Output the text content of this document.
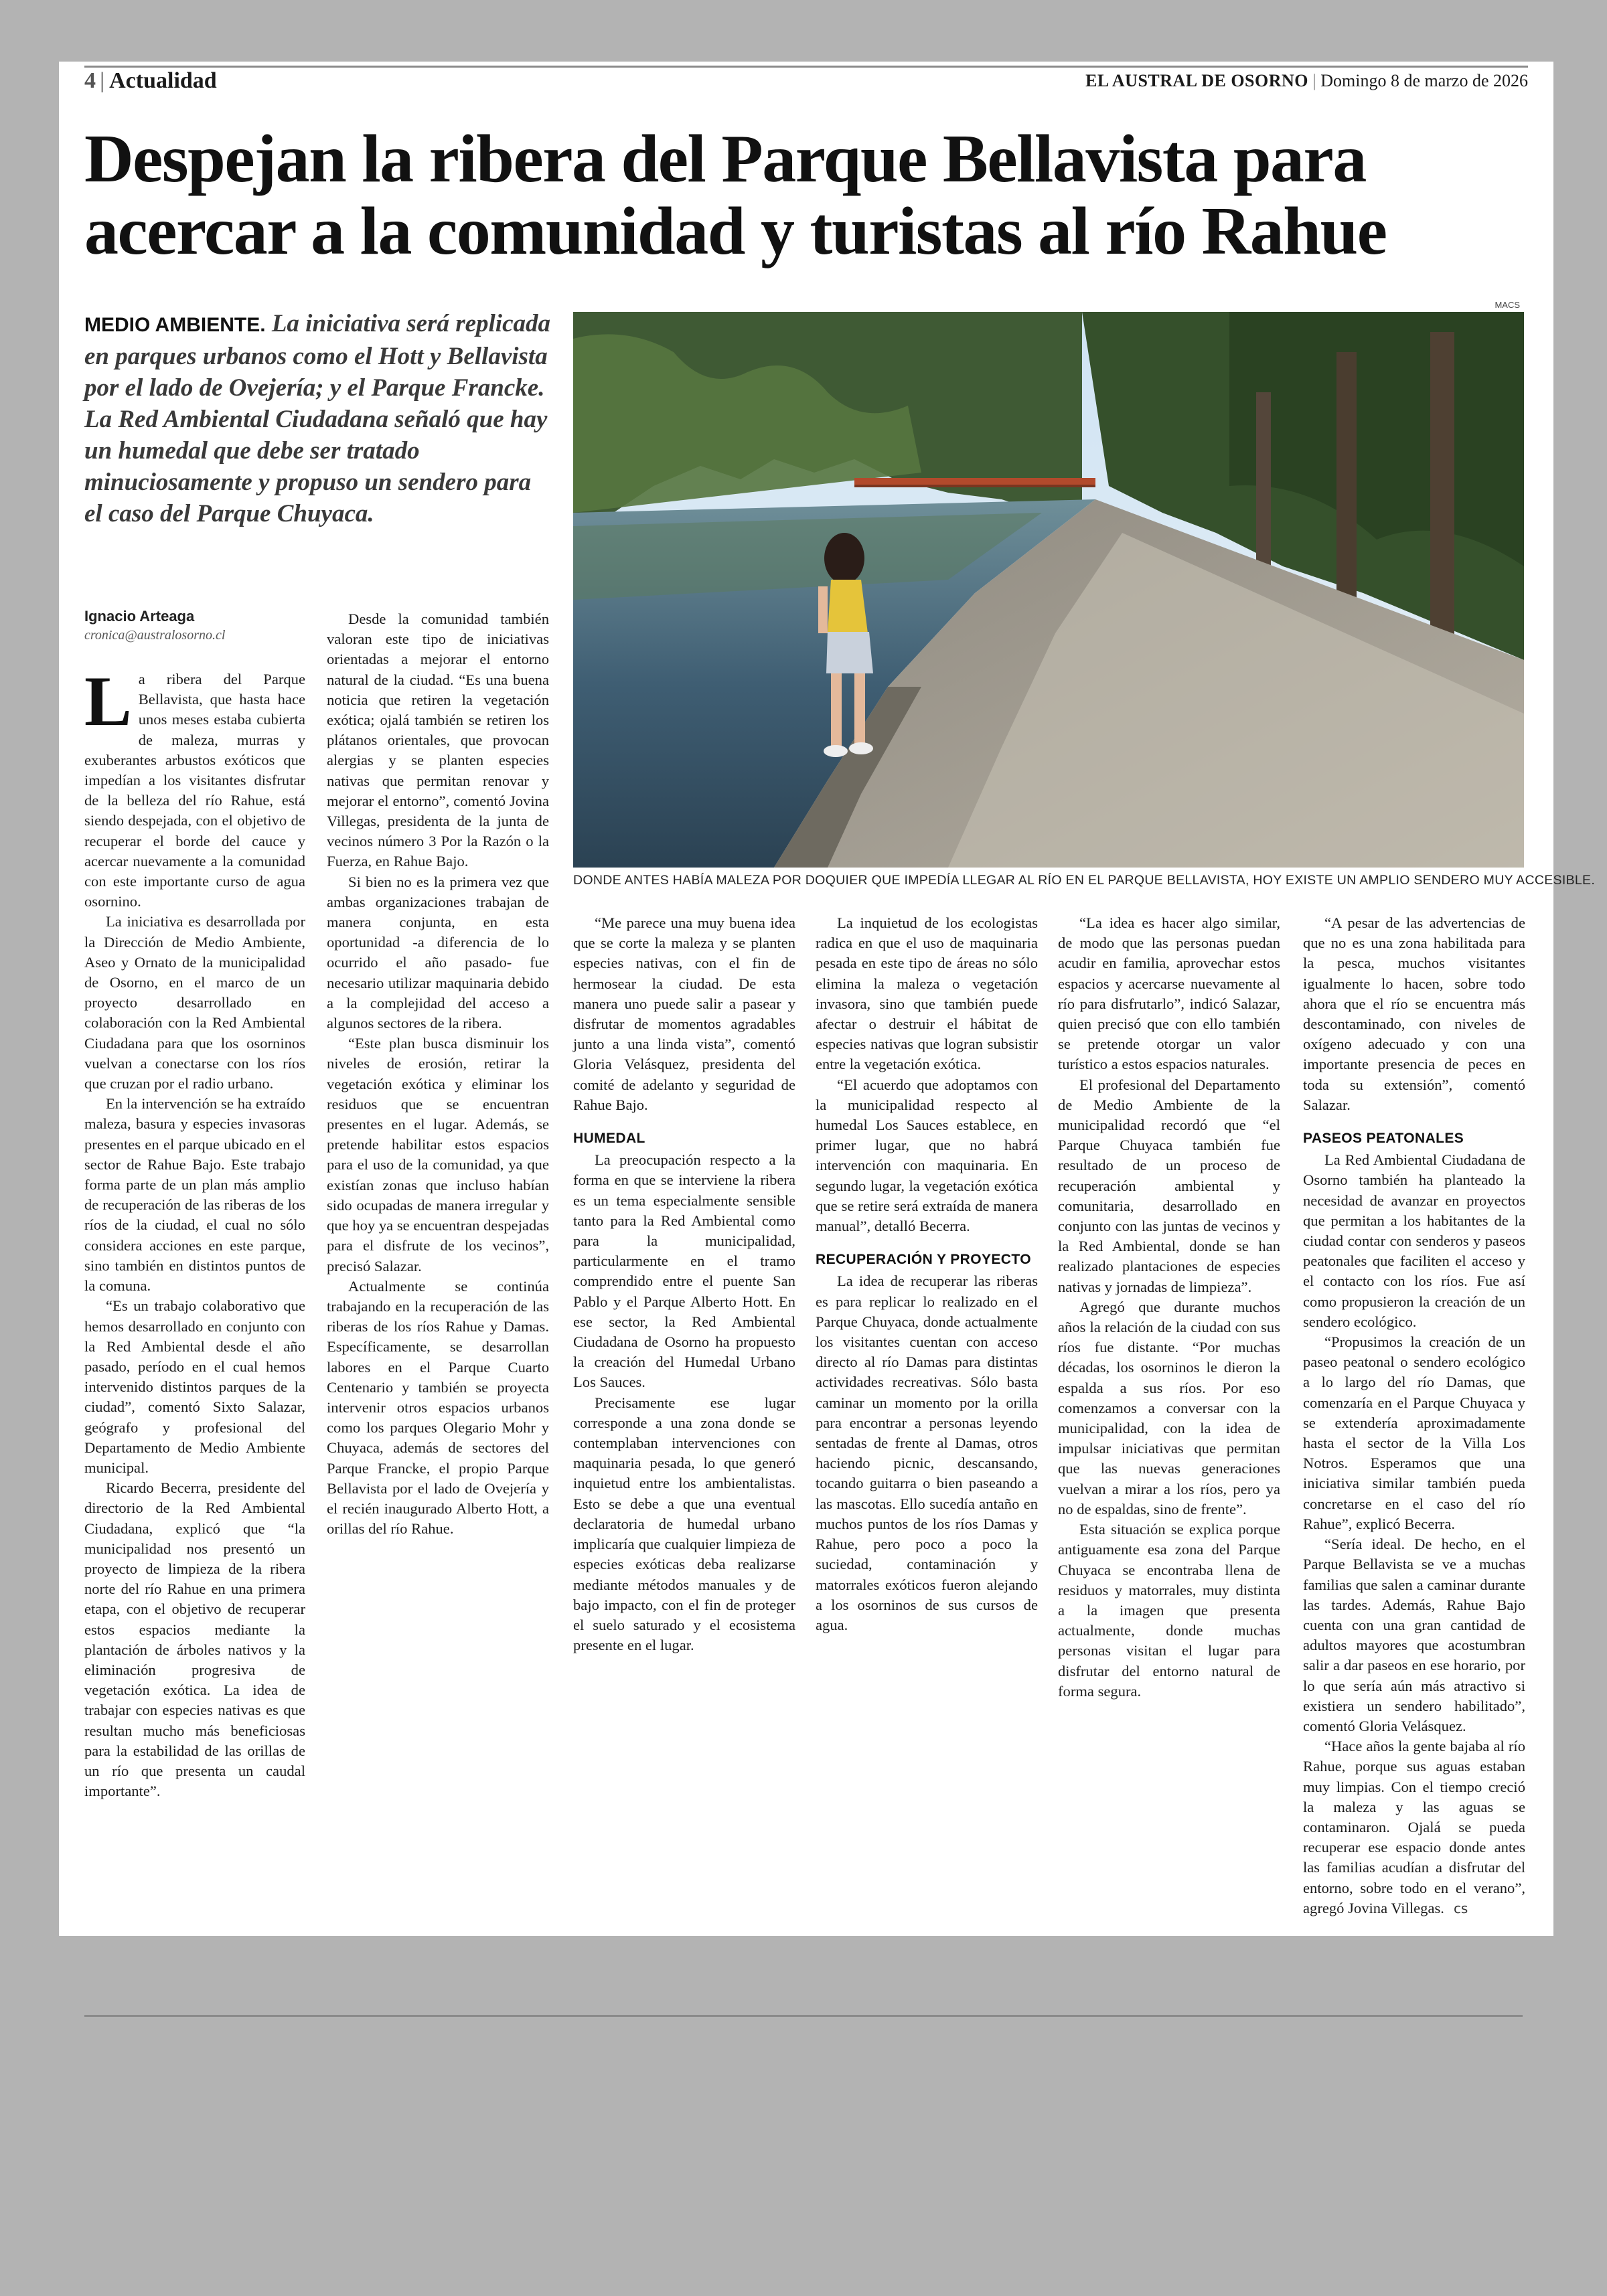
4 | Actualidad	EL AUSTRAL DE OSORNO | Domingo 8 de marzo de 2026
Despejan la ribera del Parque Bellavista para acercar a la comunidad y turistas al río Rahue

MEDIO AMBIENTE. La iniciativa será replicada en parques urbanos como el Hott y Bellavista por el lado de Ovejería; y el Parque Francke. La Red Ambiental Ciudadana señaló que hay un humedal que debe ser tratado minuciosamente y propuso un sendero para el caso del Parque Chuyaca.

MACS
DONDE ANTES HABÍA MALEZA POR DOQUIER QUE IMPEDÍA LLEGAR AL RÍO EN EL PARQUE BELLAVISTA, HOY EXISTE UN AMPLIO SENDERO MUY ACCESIBLE.
Ignacio Arteaga
cronica@australosorno.cl

La ribera del Parque Bellavista, que hasta hace unos meses estaba cubierta de maleza, murras y exuberantes arbustos exóticos que impedían a los visitantes disfrutar de la belleza del río Rahue, está siendo despejada, con el objetivo de recuperar el borde del cauce y acercar nuevamente a la comunidad con este importante curso de agua osornino.

La iniciativa es desarrollada por la Dirección de Medio Ambiente, Aseo y Ornato de la municipalidad de Osorno, en el marco de un proyecto desarrollado en colaboración con la Red Ambiental Ciudadana para que los osorninos vuelvan a conectarse con los ríos que cruzan por el radio urbano.

En la intervención se ha extraído maleza, basura y especies invasoras presentes en el parque ubicado en el sector de Rahue Bajo. Este trabajo forma parte de un plan más amplio de recuperación de las riberas de los ríos de la ciudad, el cual no sólo considera acciones en este parque, sino también en distintos puntos de la comuna.

“Es un trabajo colaborativo que hemos desarrollado en conjunto con la Red Ambiental desde el año pasado, período en el cual hemos intervenido distintos parques de la ciudad”, comentó Sixto Salazar, geógrafo y profesional del Departamento de Medio Ambiente municipal.

Ricardo Becerra, presidente del directorio de la Red Ambiental Ciudadana, explicó que “la municipalidad nos presentó un proyecto de limpieza de la ribera norte del río Rahue en una primera etapa, con el objetivo de recuperar estos espacios mediante la plantación de árboles nativos y la eliminación progresiva de vegetación exótica. La idea de trabajar con especies nativas es que resultan mucho más beneficiosas para la estabilidad de las orillas de un río que presenta un caudal importante”.

Desde la comunidad también valoran este tipo de iniciativas orientadas a mejorar el entorno natural de la ciudad. “Es una buena noticia que retiren la vegetación exótica; ojalá también se retiren los plátanos orientales, que provocan alergias y se planten especies nativas que permitan renovar y mejorar el entorno”, comentó Jovina Villegas, presidenta de la junta de vecinos número 3 Por la Razón o la Fuerza, en Rahue Bajo.

Si bien no es la primera vez que ambas organizaciones trabajan de manera conjunta, en esta oportunidad -a diferencia de lo ocurrido el año pasado- fue necesario utilizar maquinaria debido a la complejidad del acceso a algunos sectores de la ribera.

“Este plan busca disminuir los niveles de erosión, retirar la vegetación exótica y eliminar los residuos que se encuentran presentes en el lugar. Además, se pretende habilitar estos espacios para el uso de la comunidad, ya que existían zonas que incluso habían sido ocupadas de manera irregular y que hoy ya se encuentran despejadas para el disfrute de los vecinos”, precisó Salazar.

Actualmente se continúa trabajando en la recuperación de las riberas de los ríos Rahue y Damas. Específicamente, se desarrollan labores en el Parque Cuarto Centenario y también se proyecta intervenir otros espacios urbanos como los parques Olegario Mohr y Chuyaca, además de sectores del Parque Francke, el propio Parque Bellavista por el lado de Ovejería y el recién inaugurado Alberto Hott, a orillas del río Rahue.

“Me parece una muy buena idea que se corte la maleza y se planten especies nativas, con el fin de hermosear la ciudad. De esta manera uno puede salir a pasear y disfrutar de momentos agradables junto a una linda vista”, comentó Gloria Velásquez, presidenta del comité de adelanto y seguridad de Rahue Bajo.

HUMEDAL

La preocupación respecto a la forma en que se interviene la ribera es un tema especialmente sensible tanto para la Red Ambiental como para la municipalidad, particularmente en el tramo comprendido entre el puente San Pablo y el Parque Alberto Hott. En ese sector, la Red Ambiental Ciudadana de Osorno ha propuesto la creación del Humedal Urbano Los Sauces.

Precisamente ese lugar corresponde a una zona donde se contemplaban intervenciones con maquinaria pesada, lo que generó inquietud entre los ambientalistas. Esto se debe a que una eventual declaratoria de humedal urbano implicaría que cualquier limpieza de especies exóticas deba realizarse mediante métodos manuales y de bajo impacto, con el fin de proteger el suelo saturado y el ecosistema presente en el lugar.

La inquietud de los ecologistas radica en que el uso de maquinaria pesada en este tipo de áreas no sólo elimina la maleza o vegetación invasora, sino que también puede afectar o destruir el hábitat de especies nativas que logran subsistir entre la vegetación exótica.

“El acuerdo que adoptamos con la municipalidad respecto al humedal Los Sauces establece, en primer lugar, que no habrá intervención con maquinaria. En segundo lugar, la vegetación exótica que se retire será extraída de manera manual”, detalló Becerra.

RECUPERACIÓN Y PROYECTO

La idea de recuperar las riberas es para replicar lo realizado en el Parque Chuyaca, donde actualmente los visitantes cuentan con acceso directo al río Damas para distintas actividades recreativas. Sólo basta caminar un momento por la orilla para encontrar a personas leyendo sentadas de frente al Damas, otros haciendo picnic, descansando, tocando guitarra o bien paseando a las mascotas. Ello sucedía antaño en muchos puntos de los ríos Damas y Rahue, pero poco a poco la suciedad, contaminación y matorrales exóticos fueron alejando a los osorninos de sus cursos de agua.

“La idea es hacer algo similar, de modo que las personas puedan acudir en familia, aprovechar estos espacios y acercarse nuevamente al río para disfrutarlo”, indicó Salazar, quien precisó que con ello también se pretende otorgar un valor turístico a estos espacios naturales.

El profesional del Departamento de Medio Ambiente de la municipalidad recordó que “el Parque Chuyaca también fue resultado de un proceso de recuperación ambiental y comunitaria, desarrollado en conjunto con las juntas de vecinos y la Red Ambiental, donde se han realizado plantaciones de especies nativas y jornadas de limpieza”.

Agregó que durante muchos años la relación de la ciudad con sus ríos fue distante. “Por muchas décadas, los osorninos le dieron la espalda a sus ríos. Por eso comenzamos a conversar con la municipalidad, con la idea de impulsar iniciativas que permitan que las nuevas generaciones vuelvan a mirar a los ríos, pero ya no de espaldas, sino de frente”.

Esta situación se explica porque antiguamente esa zona del Parque Chuyaca se encontraba llena de residuos y matorrales, muy distinta a la imagen que presenta actualmente, donde muchas personas visitan el lugar para disfrutar del entorno natural de forma segura.

“A pesar de las advertencias de que no es una zona habilitada para la pesca, muchos visitantes igualmente lo hacen, sobre todo ahora que el río se encuentra más descontaminado, con niveles de oxígeno adecuado y con una importante presencia de peces en toda su extensión”, comentó Salazar.

PASEOS PEATONALES

La Red Ambiental Ciudadana de Osorno también ha planteado la necesidad de avanzar en proyectos que permitan a los habitantes de la ciudad contar con senderos y paseos peatonales que faciliten el acceso y el contacto con los ríos. Fue así como propusieron la creación de un sendero ecológico.

“Propusimos la creación de un paseo peatonal o sendero ecológico a lo largo del río Damas, que comenzaría en el Parque Chuyaca y se extendería aproximadamente hasta el sector de la Villa Los Notros. Esperamos que una iniciativa similar también pueda concretarse en el caso del río Rahue”, explicó Becerra.

“Sería ideal. De hecho, en el Parque Bellavista se ve a muchas familias que salen a caminar durante las tardes. Además, Rahue Bajo cuenta con una gran cantidad de adultos mayores que acostumbran salir a dar paseos en ese horario, por lo que sería aún más atractivo si existiera un sendero habilitado”, comentó Gloria Velásquez.

“Hace años la gente bajaba al río Rahue, porque sus aguas estaban muy limpias. Con el tiempo creció la maleza y las aguas se contaminaron. Ojalá se pueda recuperar ese espacio donde antes las familias acudían a disfrutar del entorno, sobre todo en el verano”, agregó Jovina Villegas. cs
